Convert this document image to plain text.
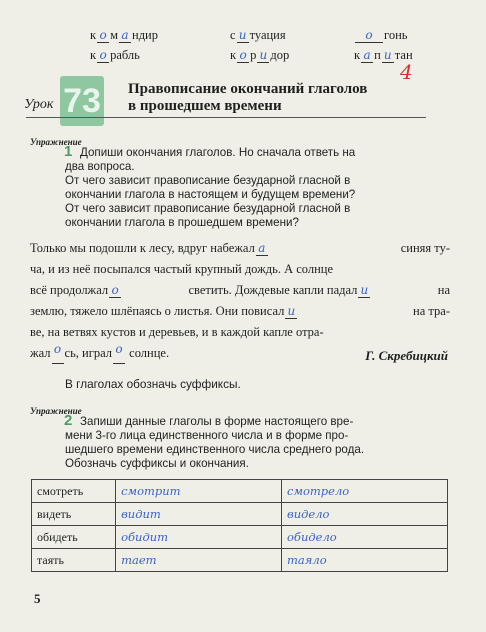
к о м а ндир	с и туация	о гонь
к о рабль	к о р и дор	к а п и тан
4
Урок 73 Правописание окончаний глаголов
в прошедшем времени
Упражнение
1 Допиши окончания глаголов. Но сначала ответь на

два вопроса.

От чего зависит правописание безударной гласной в

окончании глагола в настоящем и будущем времени?

От чего зависит правописание безударной гласной в

окончании глагола в прошедшем времени?

Только мы подошли к лесу, вдруг набежал а	синяя ту-
ча, и из неё посыпался частый крупный дождь. А солнце
всё продолжал о	светить. Дождевые капли падал и	на
землю, тяжело шлёпаясь о листья. Они повисал и	на тра-
ве, на ветвях кустов и деревьев, и в каждой капле отра-
жал о сь, играл о
солнце.	Г. Скребицкий
В глаголах обозначь суффиксы.
Упражнение
2 Запиши данные глаголы в форме настоящего вре-

мени 3-го лица единственного числа и в форме про-

шедшего времени единственного числа среднего рода.

Обозначь суффиксы и окончания.

смотреть	смотрит	смотрело
видеть	видит	видело
обидеть	обидит	обидело
таять	тает	таяло
5
